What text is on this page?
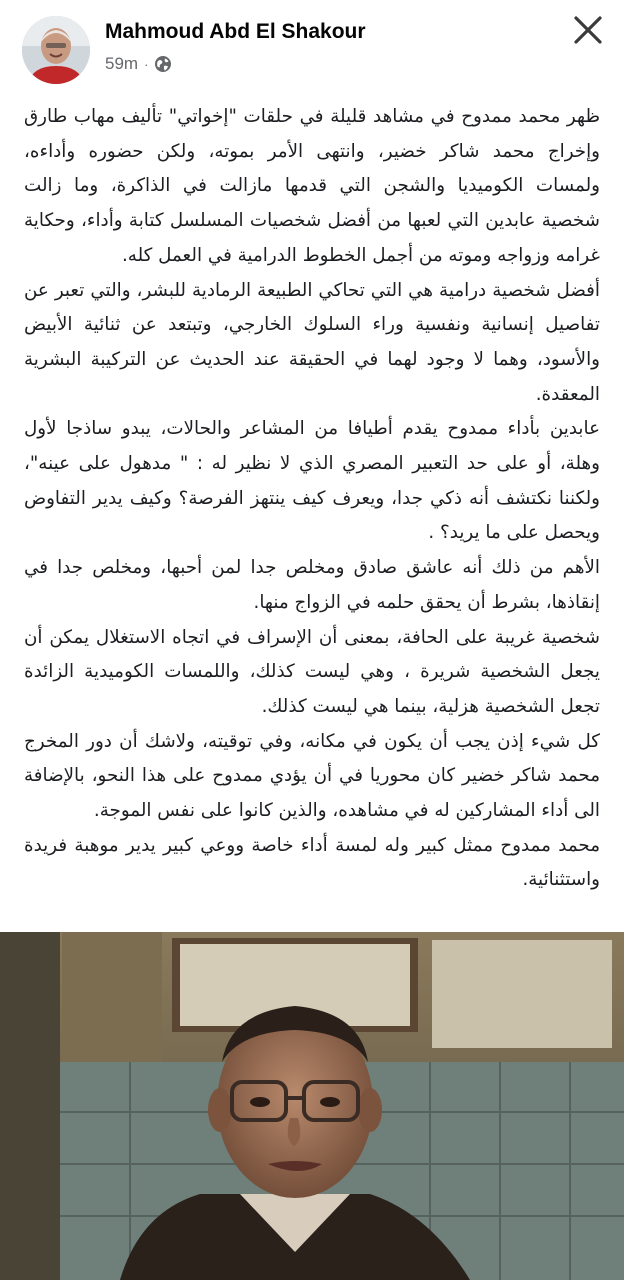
Mahmoud Abd El Shakour
59m ·

ظهر محمد ممدوح في مشاهد قليلة في حلقات "إخواتي" تأليف مهاب طارق وإخراج محمد شاكر خضير، وانتهى الأمر بموته، ولكن حضوره وأداءه، ولمسات الكوميديا والشجن التي قدمها مازالت في الذاكرة، وما زالت شخصية عابدين التي لعبها من أفضل شخصيات المسلسل كتابة وأداء، وحكاية غرامه وزواجه وموته من أجمل الخطوط الدرامية في العمل كله.

أفضل شخصية درامية هي التي تحاكي الطبيعة الرمادية للبشر، والتي تعبر عن تفاصيل إنسانية ونفسية وراء السلوك الخارجي، وتبتعد عن ثنائية الأبيض والأسود، وهما لا وجود لهما في الحقيقة عند الحديث عن التركيبة البشرية المعقدة.

عابدين بأداء ممدوح يقدم أطيافا من المشاعر والحالات، يبدو ساذجا لأول وهلة، أو على حد التعبير المصري الذي لا نظير له : " مدهول على عينه"، ولكننا نكتشف أنه ذكي جدا، ويعرف كيف ينتهز الفرصة؟ وكيف يدير التفاوض ويحصل على ما يريد؟ .

الأهم من ذلك أنه عاشق صادق ومخلص جدا لمن أحبها، ومخلص جدا في إنقاذها، بشرط أن يحقق حلمه في الزواج منها.

شخصية غريبة على الحافة، بمعنى أن الإسراف في اتجاه الاستغلال يمكن أن يجعل الشخصية شريرة ، وهي ليست كذلك، واللمسات الكوميدية الزائدة تجعل الشخصية هزلية، بينما هي ليست كذلك.

كل شيء إذن يجب أن يكون في مكانه، وفي توقيته، ولاشك أن دور المخرج محمد شاكر خضير كان محوريا في أن يؤدي ممدوح على هذا النحو، بالإضافة الى أداء المشاركين له في مشاهده، والذين كانوا على نفس الموجة.

محمد ممدوح ممثل كبير وله لمسة أداء خاصة ووعي كبير يدير موهبة فريدة واستثنائية.
